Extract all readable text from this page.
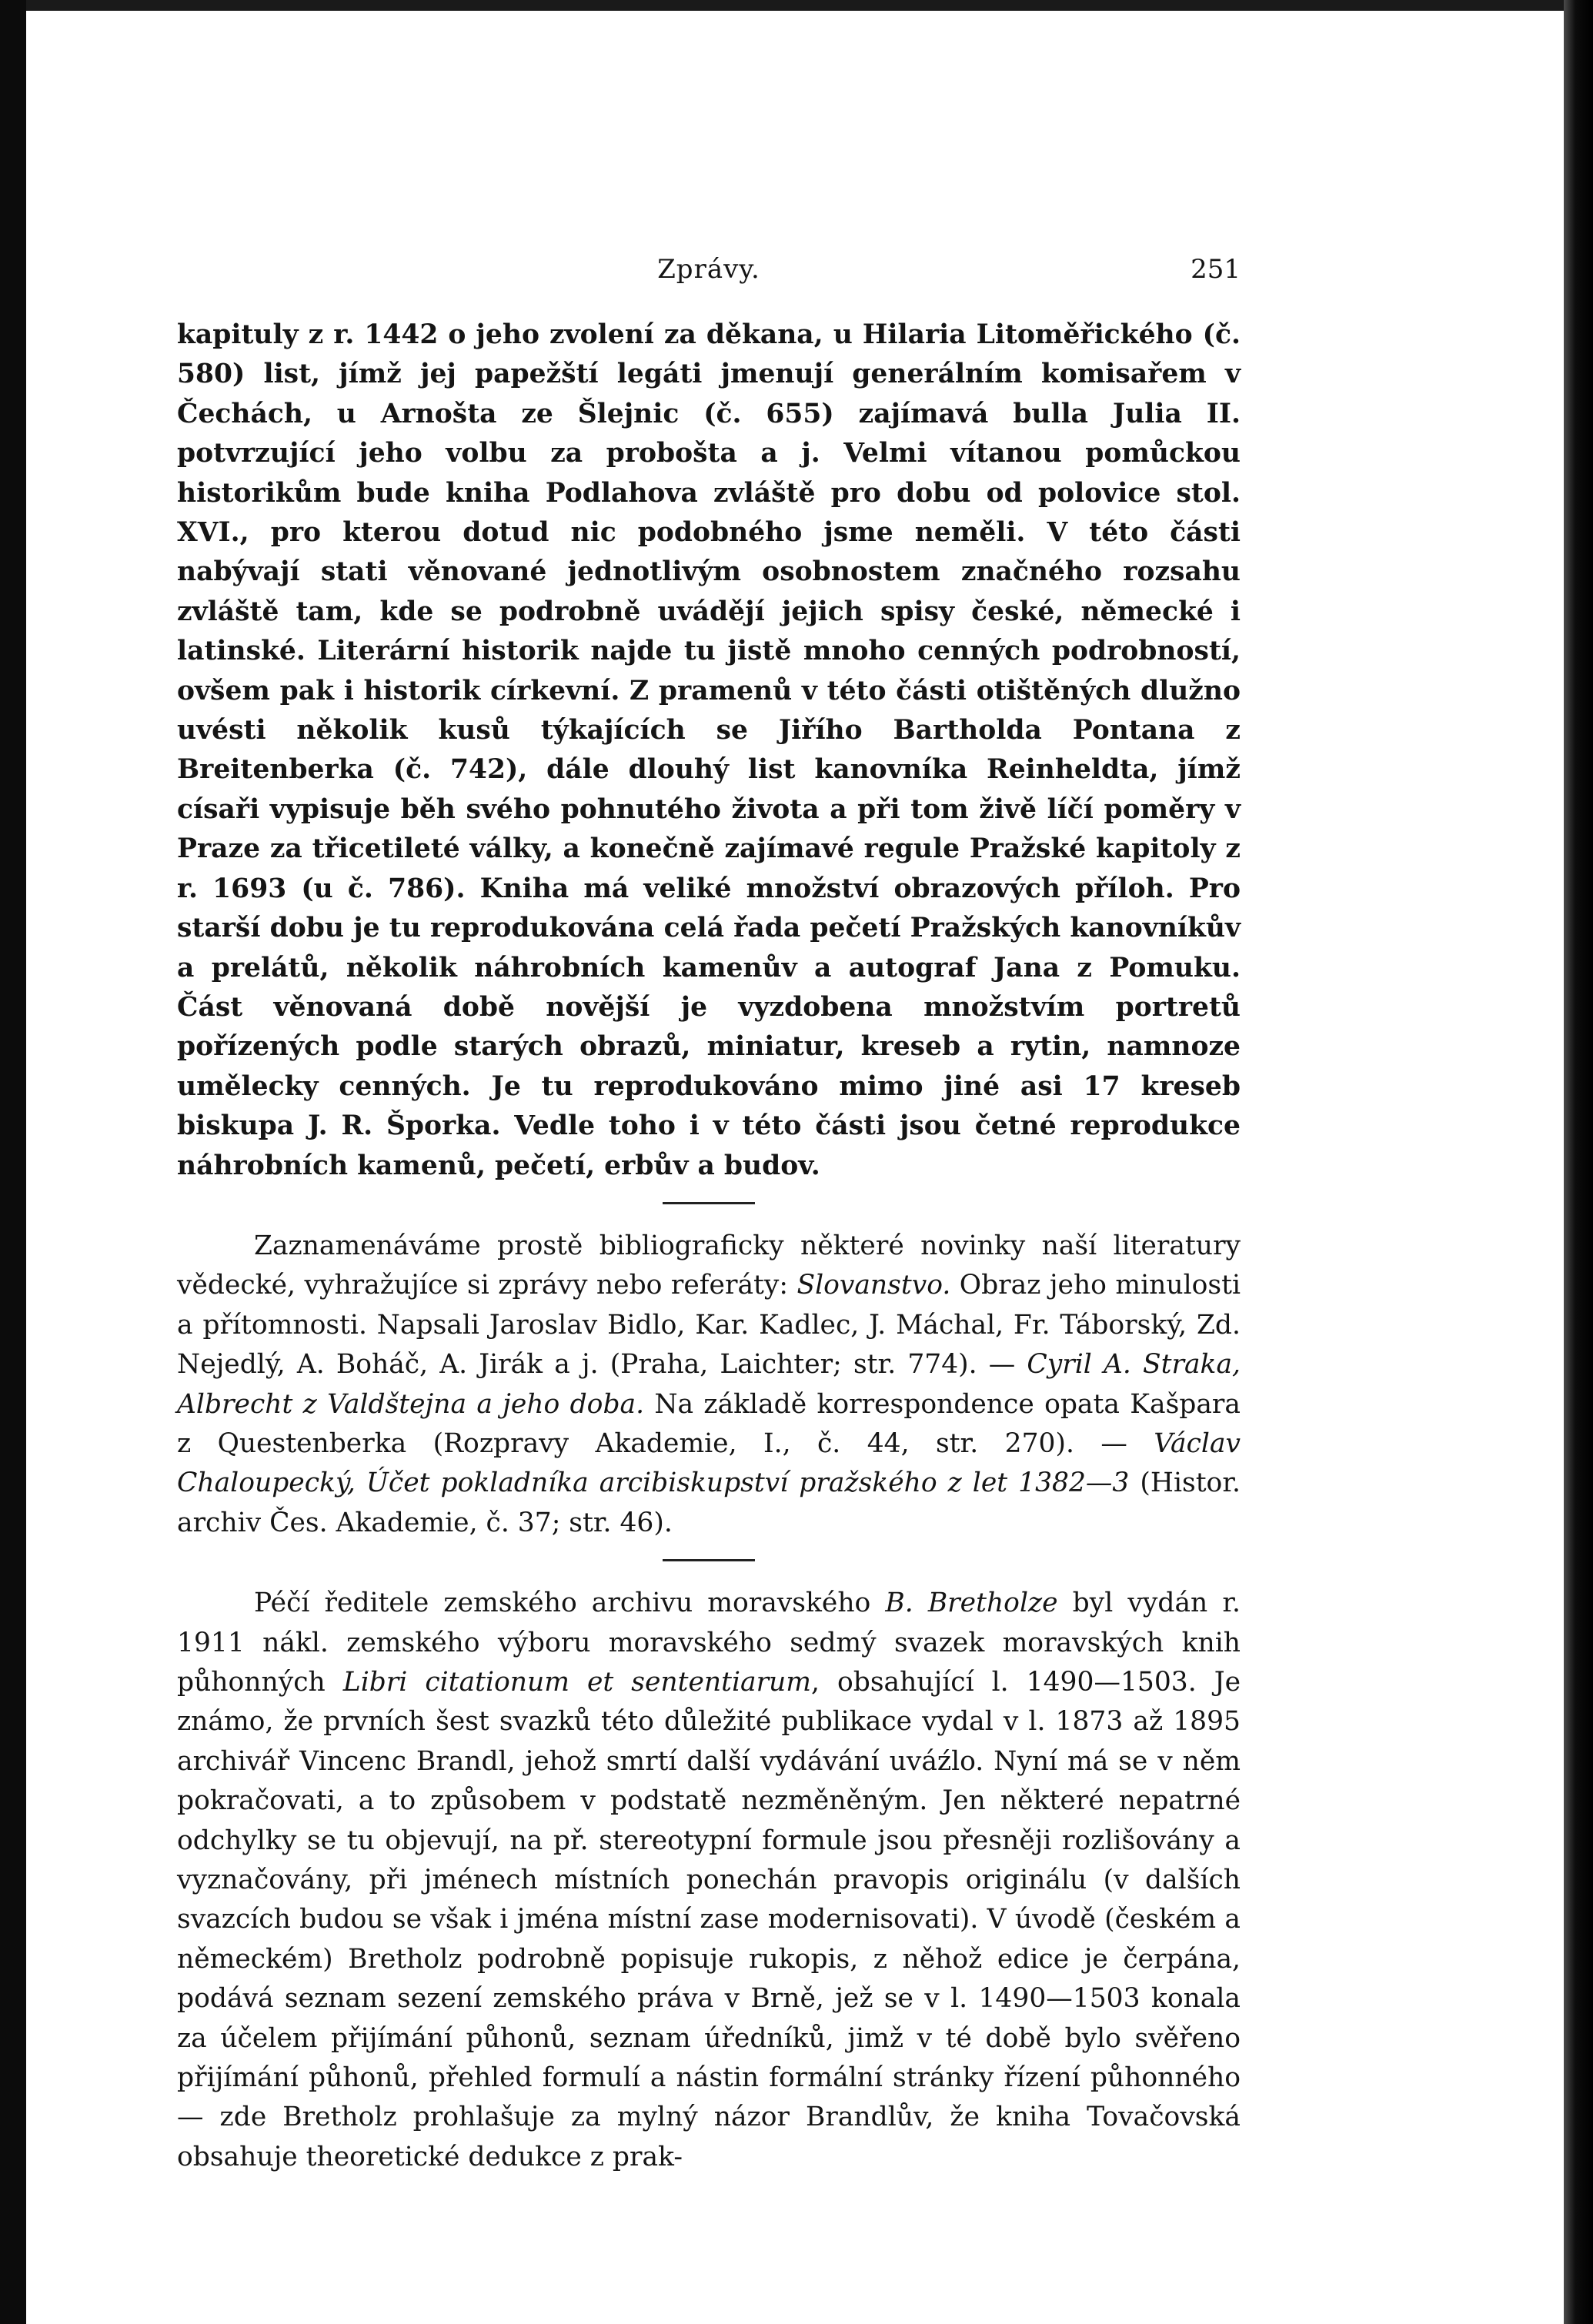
Zprávy.	251

kapituly z r. 1442 o jeho zvolení za děkana, u Hilaria Litoměřického (č. 580) list, jímž jej papežští legáti jmenují generálním komisařem v Čechách, u Arnošta ze Šlejnic (č. 655) zajímavá bulla Julia II. potvrzující jeho volbu za proboštа a j. Velmi vítanou pomůckou historikům bude kniha Podlahova zvláště pro dobu od polovice stol. XVI., pro kterou dotud nic podobného jsme neměli. V této části nabývají stati věnované jednotlivým osobnostem značného rozsahu zvláště tam, kde se podrobně uvádějí jejich spisy české, německé i latinské. Literární historik najde tu jistě mnoho cenných podrobností, ovšem pak i historik církevní. Z pramenů v této části otištěných dlužno uvésti několik kusů týkajících se Jiřího Bartholda Pontana z Breitenberka (č. 742), dále dlouhý list kanovníka Reinheldta, jímž císaři vypisuje běh svého pohnutého života a při tom živě líčí poměry v Praze za třicetileté války, a konečně zajímavé regule Pražské kapitoly z r. 1693 (u č. 786). Kniha má veliké množství obrazových příloh. Pro starší dobu je tu reprodukována celá řada pečetí Pražských kanovníkův a prelátů, několik náhrobních kamenův a autograf Jana z Pomuku. Část věnovaná době novější je vyzdobena množstvím portretů pořízených podle starých obrazů, miniatur, kreseb a rytin, namnoze umělecky cenných. Je tu reprodukováno mimo jiné asi 17 kreseb biskupa J. R. Šporka. Vedle toho i v této části jsou četné reprodukce náhrobních kamenů, pečetí, erbův a budov.

Zaznamenáváme prostě bibliograficky některé novinky naší literatury vědecké, vyhražujíce si zprávy nebo referáty: Slovanstvo. Obraz jeho minulosti a přítomnosti. Napsali Jaroslav Bidlo, Kar. Kadlec, J. Máchal, Fr. Táborský, Zd. Nejedlý, A. Boháč, A. Jirák a j. (Praha, Laichter; str. 774). — Cyril A. Straka, Albrecht z Valdštejna a jeho doba. Na základě korrespondence opata Kašpara z Questenberka (Rozpravy Akademie, I., č. 44, str. 270). — Václav Chaloupecký, Účet pokladníka arcibiskupství pražského z let 1382—3 (Histor. archiv Čes. Akademie, č. 37; str. 46).

Péčí ředitele zemského archivu moravského B. Bretholze byl vydán r. 1911 nákl. zemského výboru moravského sedmý svazek moravských knih půhonných Libri citationum et sententiarum, obsahující l. 1490—1503. Je známo, že prvních šest svazků této důležité publikace vydal v l. 1873 až 1895 archivář Vincenc Brandl, jehož smrtí další vydávání uváźlo. Nyní má se v něm pokračovati, a to způsobem v podstatě nezměněným. Jen některé nepatrné odchylky se tu objevují, na př. stereotypní formule jsou přesněji rozlišovány a vyznačovány, při jménech místních ponechán pravopis originálu (v dalších svazcích budou se však i jména místní zase modernisovati). V úvodě (českém a německém) Bretholz podrobně popisuje rukopis, z něhož edice je čerpána, podává seznam sezení zemského práva v Brně, jež se v l. 1490—1503 konala za účelem přijímání půhonů, seznam úředníků, jimž v té době bylo svěřeno přijímání půhonů, přehled formulí a nástin formální stránky řízení půhonného — zde Bretholz prohlašuje za mylný názor Brandlův, že kniha Tovačovská obsahuje theoretické dedukce z prak-
